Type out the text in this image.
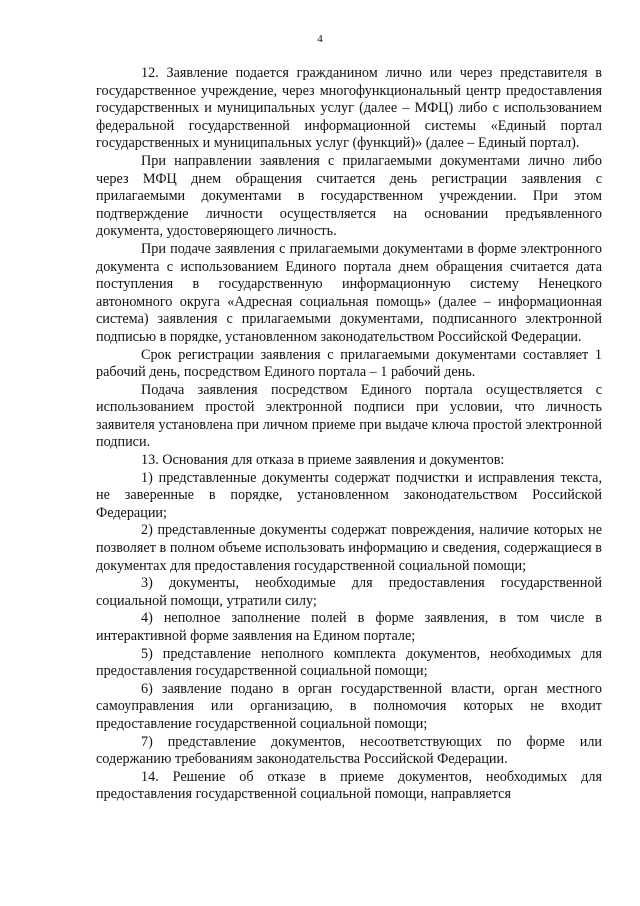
4

12. Заявление подается гражданином лично или через представителя в государственное учреждение, через многофункциональный центр предоставления государственных и муниципальных услуг (далее – МФЦ) либо с использованием федеральной государственной информационной системы «Единый портал государственных и муниципальных услуг (функций)» (далее – Единый портал).

При направлении заявления с прилагаемыми документами лично либо через МФЦ днем обращения считается день регистрации заявления с прилагаемыми документами в государственном учреждении. При этом подтверждение личности осуществляется на основании предъявленного документа, удостоверяющего личность.

При подаче заявления с прилагаемыми документами в форме электронного документа с использованием Единого портала днем обращения считается дата поступления в государственную информационную систему Ненецкого автономного округа «Адресная социальная помощь» (далее – информационная система) заявления с прилагаемыми документами, подписанного электронной подписью в порядке, установленном законодательством Российской Федерации.

Срок регистрации заявления с прилагаемыми документами составляет 1 рабочий день, посредством Единого портала – 1 рабочий день.

Подача заявления посредством Единого портала осуществляется с использованием простой электронной подписи при условии, что личность заявителя установлена при личном приеме при выдаче ключа простой электронной подписи.

13. Основания для отказа в приеме заявления и документов:

1) представленные документы содержат подчистки и исправления текста, не заверенные в порядке, установленном законодательством Российской Федерации;

2) представленные документы содержат повреждения, наличие которых не позволяет в полном объеме использовать информацию и сведения, содержащиеся в документах для предоставления государственной социальной помощи;

3) документы, необходимые для предоставления государственной социальной помощи, утратили силу;

4) неполное заполнение полей в форме заявления, в том числе в интерактивной форме заявления на Едином портале;

5) представление неполного комплекта документов, необходимых для предоставления государственной социальной помощи;

6) заявление подано в орган государственной власти, орган местного самоуправления или организацию, в полномочия которых не входит предоставление государственной социальной помощи;

7) представление документов, несоответствующих по форме или содержанию требованиям законодательства Российской Федерации.

14. Решение об отказе в приеме документов, необходимых для предоставления государственной социальной помощи, направляется
